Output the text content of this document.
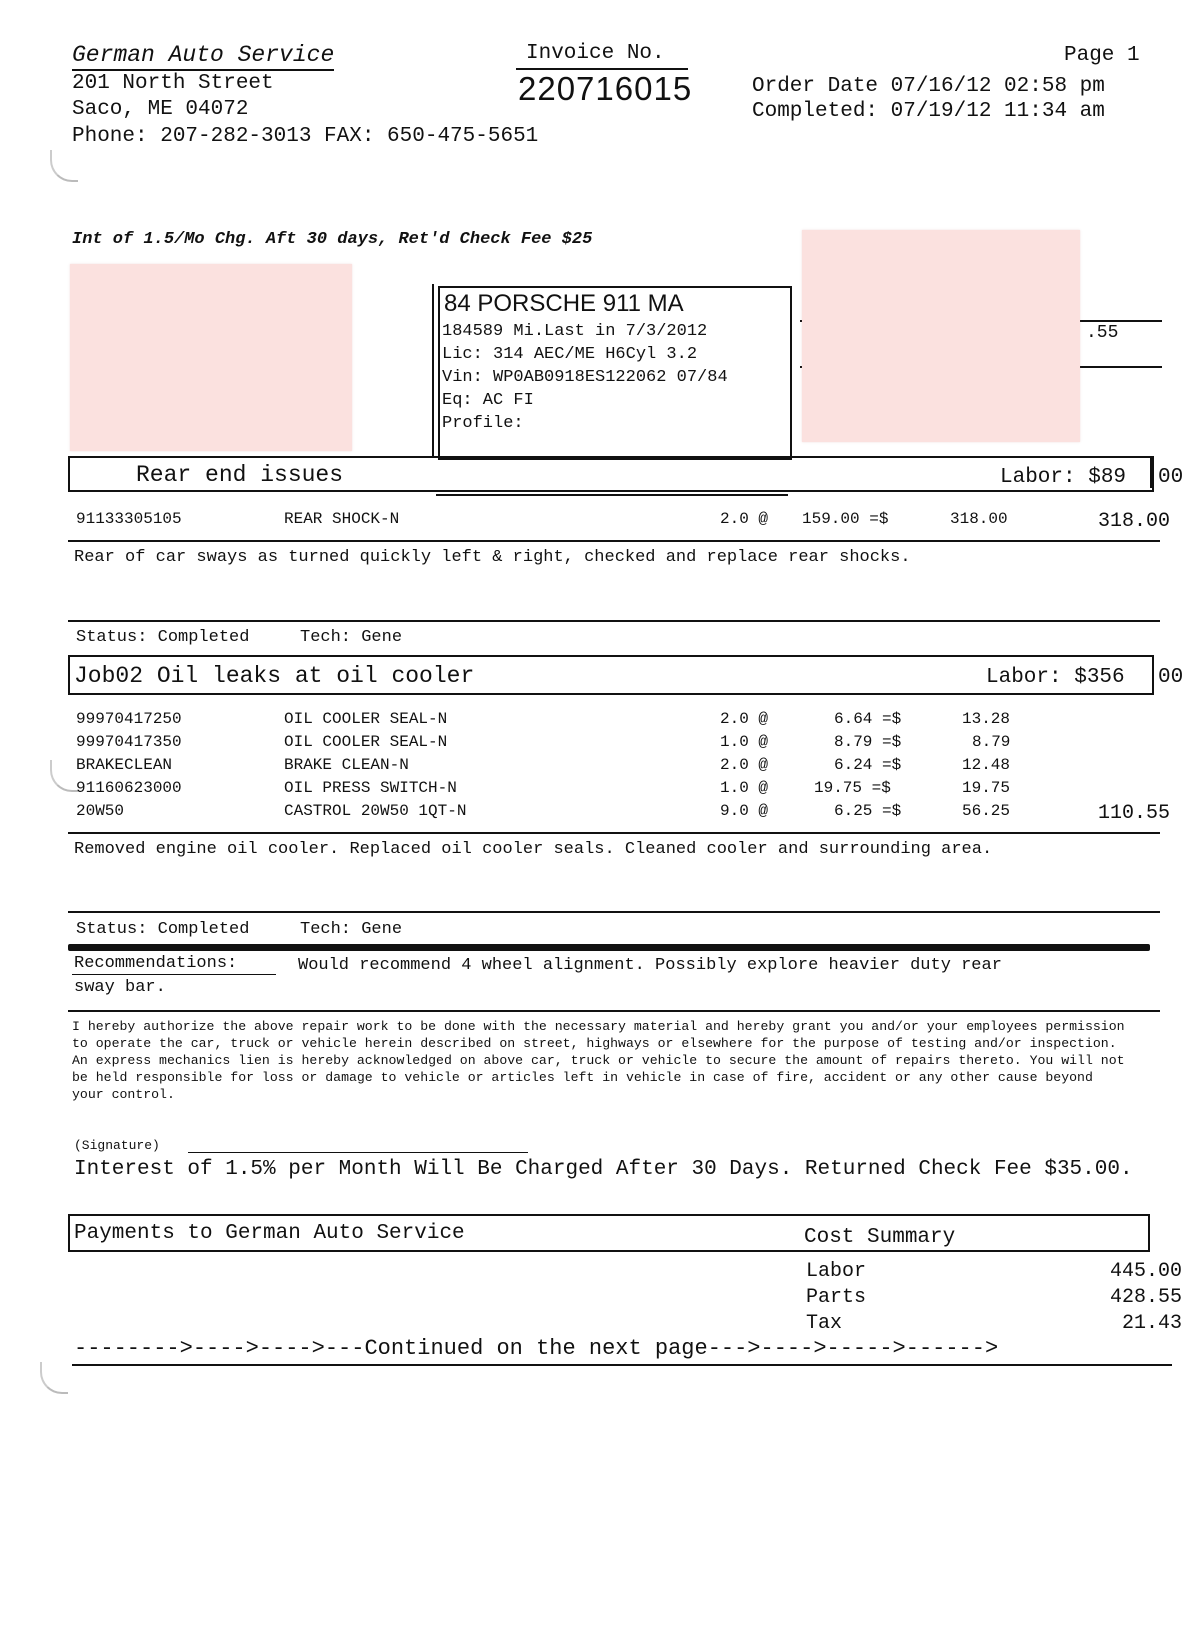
German Auto Service
201 North Street
Saco, ME 04072
Phone: 207-282-3013 FAX: 650-475-5651
Invoice No.
220716015
Page 1
Order Date 07/16/12 02:58 pm
Completed: 07/19/12 11:34 am
Int of 1.5/Mo Chg. Aft 30 days, Ret'd Check Fee $25
84 PORSCHE 911 MA
184589 Mi.Last in 7/3/2012
Lic: 314 AEC/ME H6Cyl 3.2
Vin: WP0AB0918ES122062 07/84
Eq: AC FI
Profile:
.55
Rear end issues	Labor: $89 00
91133305105	REAR SHOCK-N	2.0 @ 159.00 =$	318.00	318.00
Rear of car sways as turned quickly left & right, checked and replace rear shocks.
Status: Completed	Tech: Gene
Job02 Oil leaks at oil cooler	Labor: $356 00
99970417250	OIL COOLER SEAL-N	2.0 @	6.64 =$	13.28
99970417350	OIL COOLER SEAL-N	1.0 @	8.79 =$	8.79
BRAKECLEAN	BRAKE CLEAN-N	2.0 @	6.24 =$	12.48
91160623000	OIL PRESS SWITCH-N	1.0 @	19.75 =$	19.75
20W50	CASTROL 20W50 1QT-N	9.0 @	6.25 =$	56.25	110.55
Removed engine oil cooler. Replaced oil cooler seals. Cleaned cooler and surrounding area.
Status: Completed	Tech: Gene
Recommendations:	Would recommend 4 wheel alignment. Possibly explore heavier duty rear
sway bar.
I hereby authorize the above repair work to be done with the necessary material and hereby grant you and/or your employees permission to operate the car, truck or vehicle herein described on street, highways or elsewhere for the purpose of testing and/or inspection. An express mechanics lien is hereby acknowledged on above car, truck or vehicle to secure the amount of repairs thereto. You will not be held responsible for loss or damage to vehicle or articles left in vehicle in case of fire, accident or any other cause beyond your control.
(Signature)
Interest of 1.5% per Month Will Be Charged After 30 Days. Returned Check Fee $35.00.
Payments to German Auto Service	Cost Summary
Labor	445.00
Parts	428.55
Tax	21.43
-------->---->---->---Continued on the next page--->---->----->------>
